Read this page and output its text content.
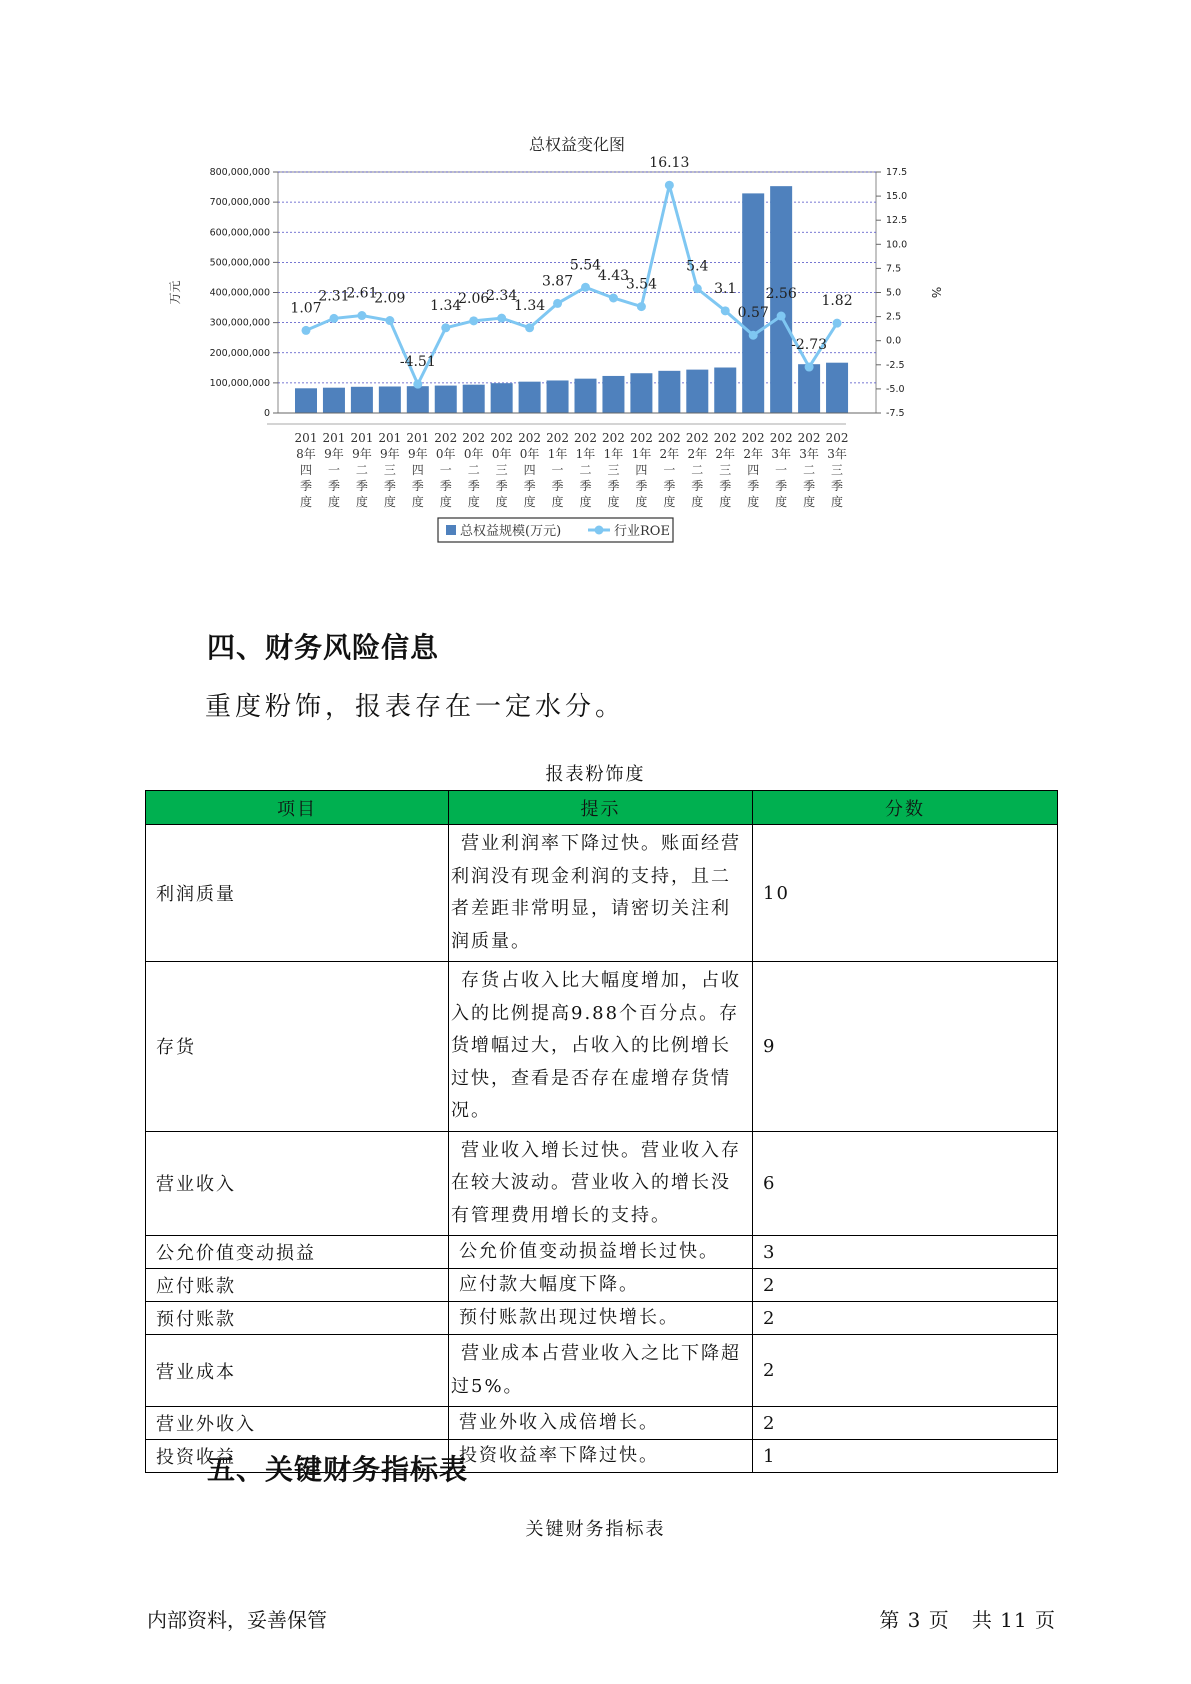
总权益变化图
0
100,000,000
200,000,000
300,000,000
400,000,000
500,000,000
600,000,000
700,000,000
800,000,000
-7.5
-5.0
-2.5
0.0
2.5
5.0
7.5
10.0
12.5
15.0
17.5
万元	%
1.07
2.31
2.61
2.09
-4.51
1.34
2.06
2.34
1.34
3.87
5.54
4.43
3.54
16.13
5.4
3.1
0.57
2.56
-2.73
1.82
201
8年
四
季
度
201
9年
一
季
度
201
9年
二
季
度
201
9年
三
季
度
201
9年
四
季
度
202
0年
一
季
度
202
0年
二
季
度
202
0年
三
季
度
202
0年
四
季
度
202
1年
一
季
度
202
1年
二
季
度
202
1年
三
季
度
202
1年
四
季
度
202
2年
一
季
度
202
2年
二
季
度
202
2年
三
季
度
202
2年
四
季
度
202
3年
一
季
度
202
3年
二
季
度
202
3年
三
季
度
总权益规模(万元)	行业ROE
四、财务风险信息
重度粉饰，报表存在一定水分。
报表粉饰度
项目	提示	分数
利润质量	营业利润率下降过快。账面经营利润没有现金利润的支持，且二者差距非常明显，请密切关注利润质量。	10
存货	存货占收入比大幅度增加，占收入的比例提高9.88个百分点。存货增幅过大，占收入的比例增长过快，查看是否存在虚增存货情况。	9
营业收入	营业收入增长过快。营业收入存在较大波动。营业收入的增长没有管理费用增长的支持。	6
公允价值变动损益	公允价值变动损益增长过快。	3
应付账款	应付款大幅度下降。	2
预付账款	预付账款出现过快增长。	2
营业成本	营业成本占营业收入之比下降超过5%。	2
营业外收入	营业外收入成倍增长。	2
投资收益	投资收益率下降过快。	1
五、关键财务指标表
关键财务指标表
内部资料，妥善保管	第 3 页   共 11 页
